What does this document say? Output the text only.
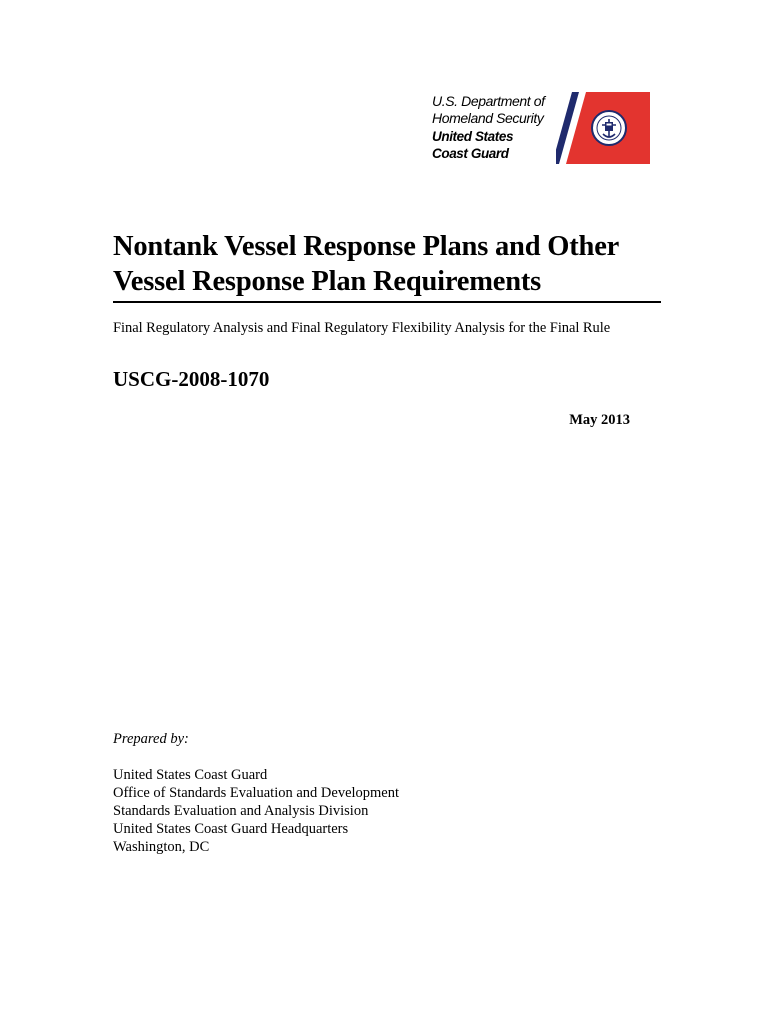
U.S. Department of
Homeland Security
United States
Coast Guard
Nontank Vessel Response Plans and Other
Vessel Response Plan Requirements
Final Regulatory Analysis and Final Regulatory Flexibility Analysis for the Final Rule
USCG-2008-1070
May 2013
Prepared by:
United States Coast Guard
Office of Standards Evaluation and Development
Standards Evaluation and Analysis Division
United States Coast Guard Headquarters
Washington, DC
